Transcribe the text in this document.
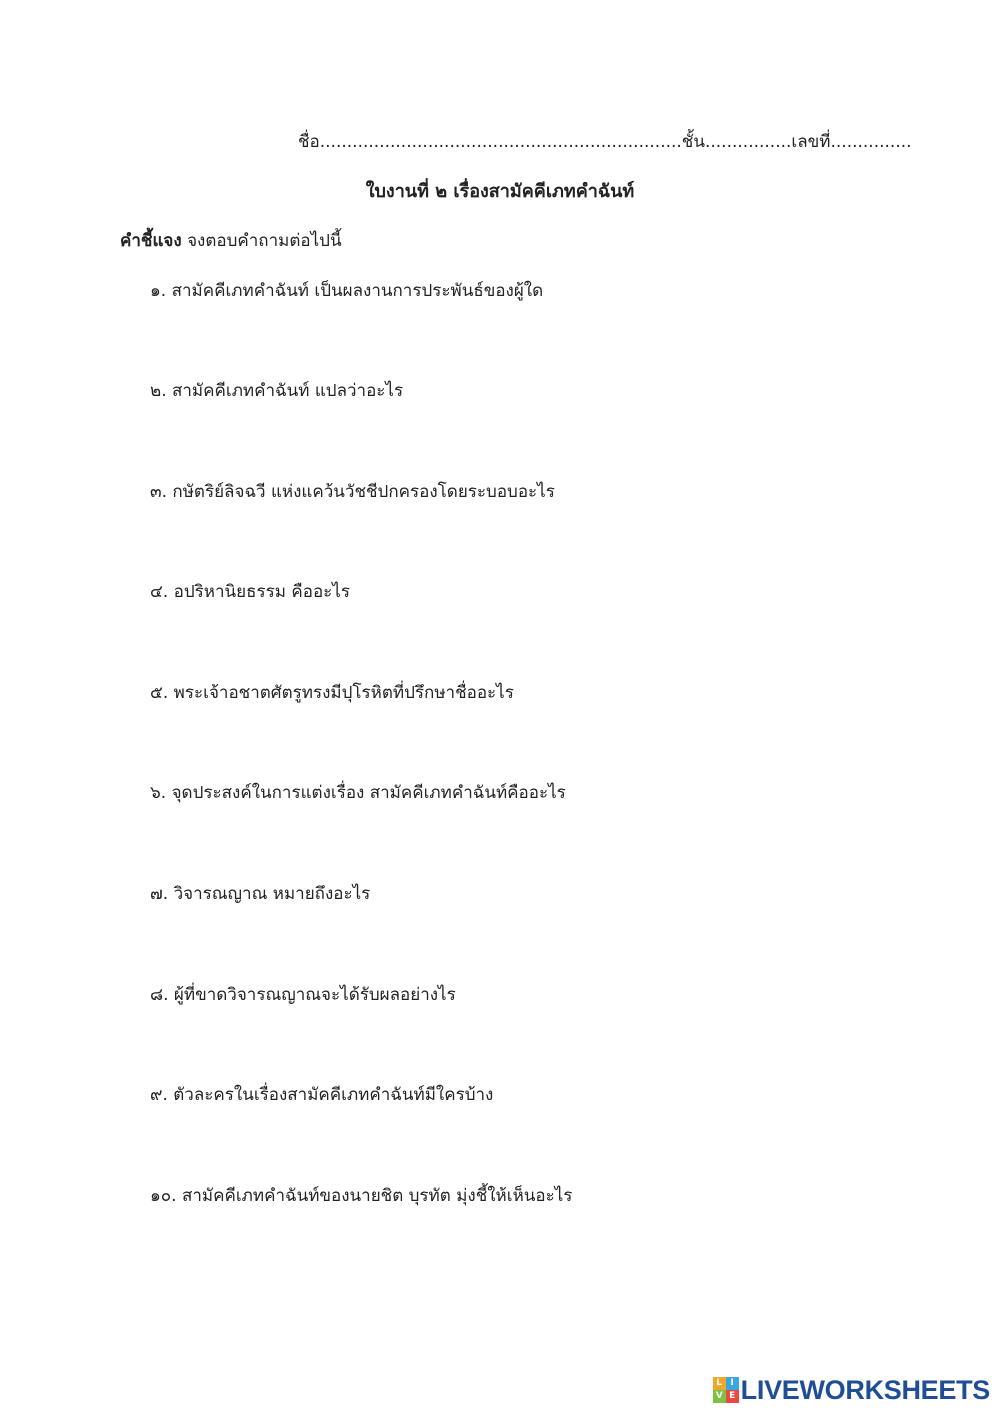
ชื่อ...................................................................ชั้น................เลขที่...............
ใบงานที่ ๒ เรื่องสามัคคีเภทคำฉันท์
คำชี้แจง จงตอบคำถามต่อไปนี้
๑. สามัคคีเภทคำฉันท์ เป็นผลงานการประพันธ์ของผู้ใด
๒. สามัคคีเภทคำฉันท์ แปลว่าอะไร
๓. กษัตริย์ลิจฉวี แห่งแคว้นวัชชีปกครองโดยระบอบอะไร
๔. อปริหานิยธรรม คืออะไร
๕. พระเจ้าอชาตศัตรูทรงมีปุโรหิตที่ปรึกษาชื่ออะไร
๖. จุดประสงค์ในการแต่งเรื่อง สามัคคีเภทคำฉันท์คืออะไร
๗. วิจารณญาณ หมายถึงอะไร
๘. ผู้ที่ขาดวิจารณญาณจะได้รับผลอย่างไร
๙. ตัวละครในเรื่องสามัคคีเภทคำฉันท์มีใครบ้าง
๑๐. สามัคคีเภทคำฉันท์ของนายชิต บุรทัต มุ่งชี้ให้เห็นอะไร
L I
V E LIVEWORKSHEETS
